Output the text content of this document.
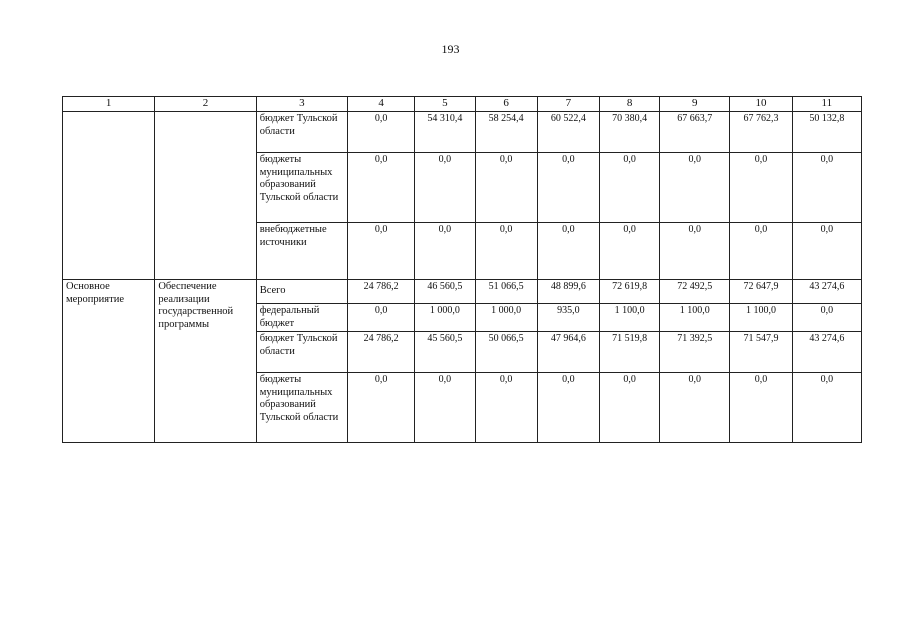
193
1	2	3	4	5	6	7	8	9	10	11
		бюджет Тульской области	0,0	54 310,4	58 254,4	60 522,4	70 380,4	67 663,7	67 762,3	50 132,8
		бюджеты муниципальных образований Тульской области	0,0	0,0	0,0	0,0	0,0	0,0	0,0	0,0
		внебюджетные источники	0,0	0,0	0,0	0,0	0,0	0,0	0,0	0,0
Основное мероприятие	Обеспечение реализации государственной программы	Всего	24 786,2	46 560,5	51 066,5	48 899,6	72 619,8	72 492,5	72 647,9	43 274,6
		федеральный бюджет	0,0	1 000,0	1 000,0	935,0	1 100,0	1 100,0	1 100,0	0,0
		бюджет Тульской области	24 786,2	45 560,5	50 066,5	47 964,6	71 519,8	71 392,5	71 547,9	43 274,6
		бюджеты муниципальных образований Тульской области	0,0	0,0	0,0	0,0	0,0	0,0	0,0	0,0
